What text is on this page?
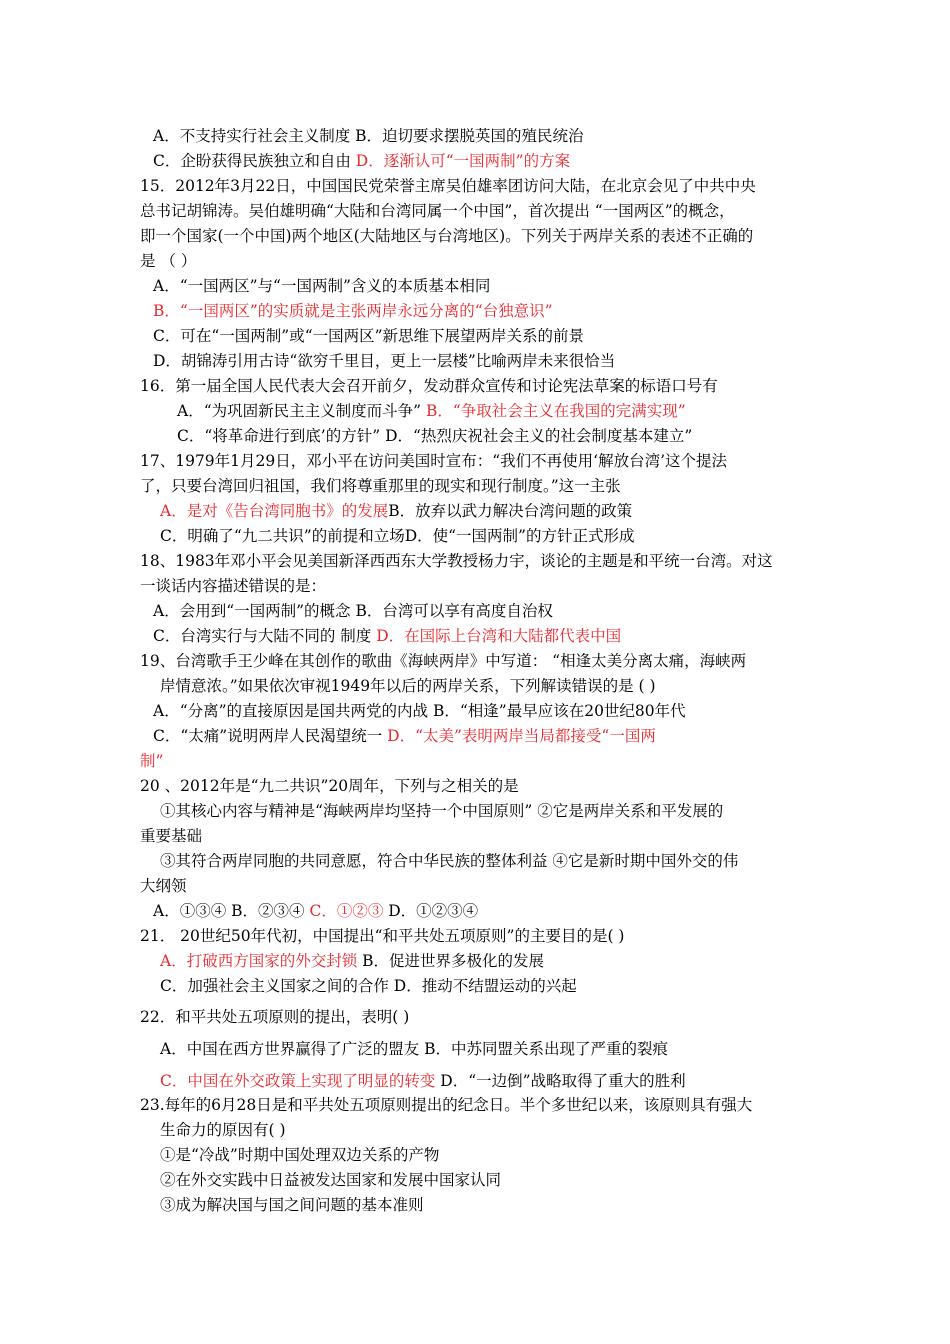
A．不支持实行社会主义制度 B．迫切要求摆脱英国的殖民统治
C．企盼获得民族独立和自由 D．逐渐认可“一国两制”的方案
15．2012年3月22日，中国国民党荣誉主席吴伯雄率团访问大陆，在北京会见了中共中央
总书记胡锦涛。吴伯雄明确“大陆和台湾同属一个中国”，首次提出 “一国两区”的概念，
即一个国家(一个中国)两个地区(大陆地区与台湾地区)。下列关于两岸关系的表述不正确的
是 （ ）
A．“一国两区”与“一国两制”含义的本质基本相同
B．“一国两区”的实质就是主张两岸永远分离的“台独意识”
C．可在“一国两制”或“一国两区”新思维下展望两岸关系的前景
D．胡锦涛引用古诗“欲穷千里目，更上一层楼”比喻两岸未来很恰当
16．第一届全国人民代表大会召开前夕，发动群众宣传和讨论宪法草案的标语口号有
A．“为巩固新民主主义制度而斗争” B．“争取社会主义在我国的完满实现”
C．“将革命进行到底’的方针” D．“热烈庆祝社会主义的社会制度基本建立”
17、1979年1月29日，邓小平在访问美国时宣布：“我们不再使用‘解放台湾’这个提法
了，只要台湾回归祖国，我们将尊重那里的现实和现行制度。”这一主张
A．是对《告台湾同胞书》的发展B．放弃以武力解决台湾问题的政策
C．明确了“九二共识”的前提和立场D．使“一国两制”的方针正式形成
18、1983年邓小平会见美国新泽西西东大学教授杨力宇，谈论的主题是和平统一台湾。对这
一谈话内容描述错误的是：
A．会用到“一国两制”的概念 B．台湾可以享有高度自治权
C．台湾实行与大陆不同的 制度 D．在国际上台湾和大陆都代表中国
19、台湾歌手王少峰在其创作的歌曲《海峡两岸》中写道： “相逢太美分离太痛，海峡两
岸情意浓。”如果依次审视1949年以后的两岸关系，下列解读错误的是 ( )
A．“分离”的直接原因是国共两党的内战 B．“相逢”最早应该在20世纪80年代
C．“太痛”说明两岸人民渴望统一 D．“太美”表明两岸当局都接受“一国两
制”
20 、2012年是“九二共识”20周年，下列与之相关的是
①其核心内容与精神是“海峡两岸均坚持一个中国原则” ②它是两岸关系和平发展的
重要基础
③其符合两岸同胞的共同意愿，符合中华民族的整体利益 ④它是新时期中国外交的伟
大纲领
A．①③④ B．②③④ C．①②③ D．①②③④
21． 20世纪50年代初，中国提出“和平共处五项原则”的主要目的是( )
A．打破西方国家的外交封锁 B．促进世界多极化的发展
C．加强社会主义国家之间的合作 D．推动不结盟运动的兴起
22．和平共处五项原则的提出，表明( )
A．中国在西方世界赢得了广泛的盟友 B．中苏同盟关系出现了严重的裂痕
C．中国在外交政策上实现了明显的转变 D．“一边倒”战略取得了重大的胜利
23.每年的6月28日是和平共处五项原则提出的纪念日。半个多世纪以来，该原则具有强大
生命力的原因有( )
①是“冷战”时期中国处理双边关系的产物
②在外交实践中日益被发达国家和发展中国家认同
③成为解决国与国之间问题的基本准则
